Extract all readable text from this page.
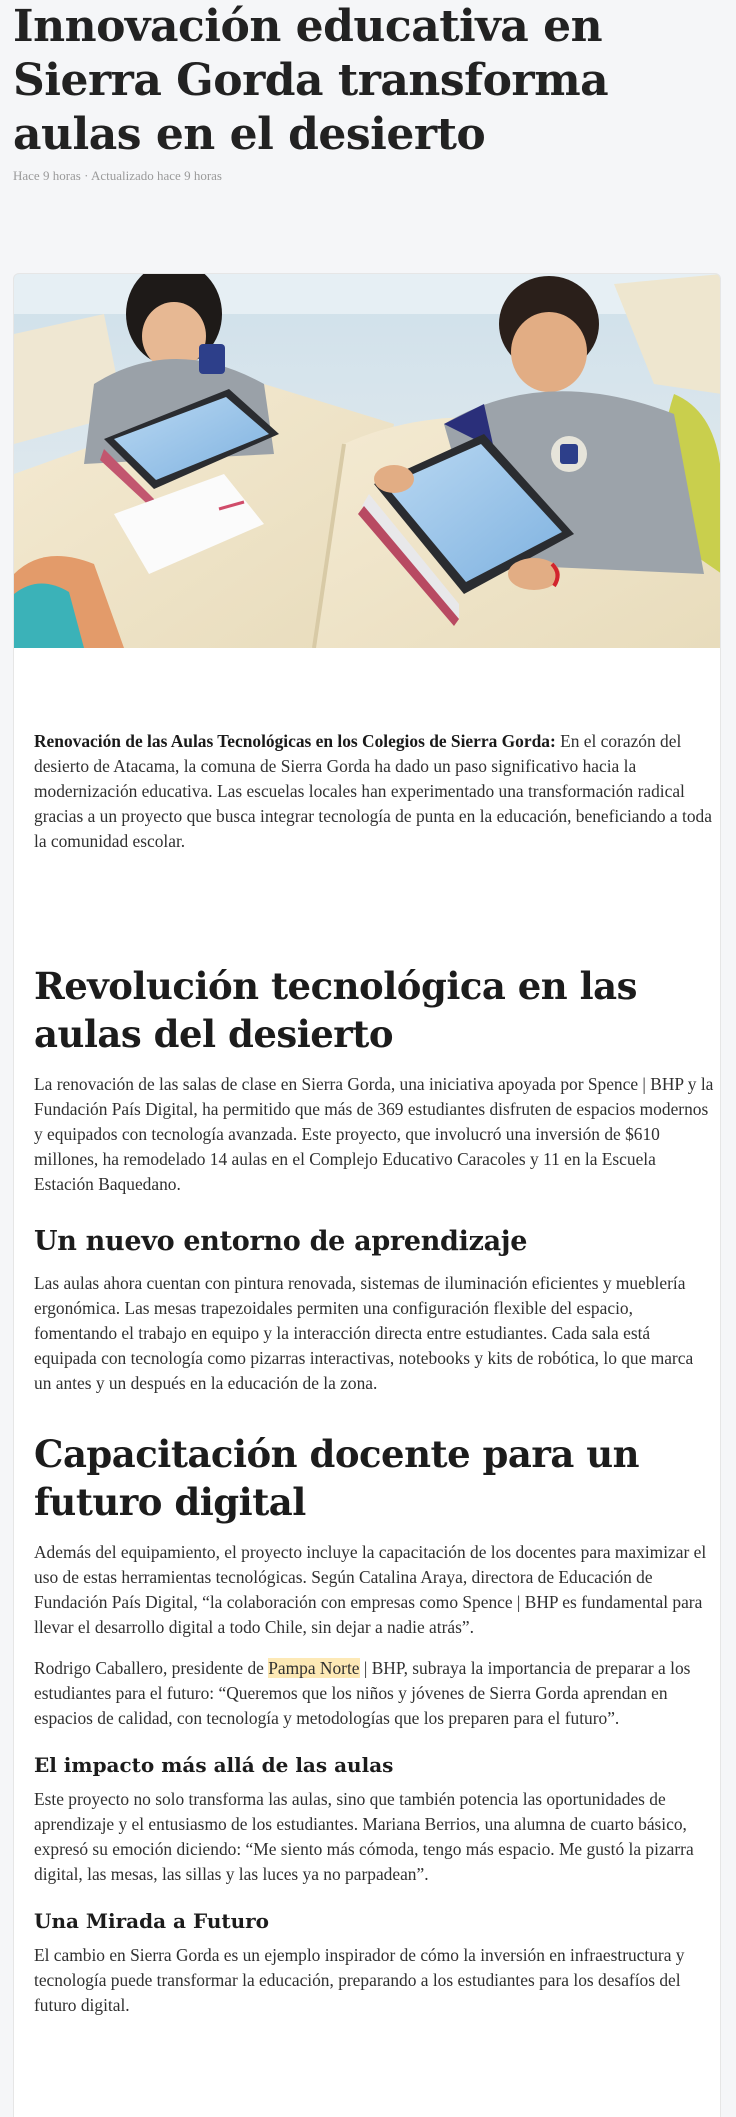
Innovación educativa en Sierra Gorda transforma aulas en el desierto
Hace 9 horas · Actualizado hace 9 horas

Renovación de las Aulas Tecnológicas en los Colegios de Sierra Gorda: En el corazón del desierto de Atacama, la comuna de Sierra Gorda ha dado un paso significativo hacia la modernización educativa. Las escuelas locales han experimentado una transformación radical gracias a un proyecto que busca integrar tecnología de punta en la educación, beneficiando a toda la comunidad escolar.

Revolución tecnológica en las aulas del desierto

La renovación de las salas de clase en Sierra Gorda, una iniciativa apoyada por Spence | BHP y la Fundación País Digital, ha permitido que más de 369 estudiantes disfruten de espacios modernos y equipados con tecnología avanzada. Este proyecto, que involucró una inversión de $610 millones, ha remodelado 14 aulas en el Complejo Educativo Caracoles y 11 en la Escuela Estación Baquedano.

Un nuevo entorno de aprendizaje

Las aulas ahora cuentan con pintura renovada, sistemas de iluminación eficientes y mueblería ergonómica. Las mesas trapezoidales permiten una configuración flexible del espacio, fomentando el trabajo en equipo y la interacción directa entre estudiantes. Cada sala está equipada con tecnología como pizarras interactivas, notebooks y kits de robótica, lo que marca un antes y un después en la educación de la zona.

Capacitación docente para un futuro digital

Además del equipamiento, el proyecto incluye la capacitación de los docentes para maximizar el uso de estas herramientas tecnológicas. Según Catalina Araya, directora de Educación de Fundación País Digital, “la colaboración con empresas como Spence | BHP es fundamental para llevar el desarrollo digital a todo Chile, sin dejar a nadie atrás”.

Rodrigo Caballero, presidente de Pampa Norte | BHP, subraya la importancia de preparar a los estudiantes para el futuro: “Queremos que los niños y jóvenes de Sierra Gorda aprendan en espacios de calidad, con tecnología y metodologías que los preparen para el futuro”.

El impacto más allá de las aulas

Este proyecto no solo transforma las aulas, sino que también potencia las oportunidades de aprendizaje y el entusiasmo de los estudiantes. Mariana Berrios, una alumna de cuarto básico, expresó su emoción diciendo: “Me siento más cómoda, tengo más espacio. Me gustó la pizarra digital, las mesas, las sillas y las luces ya no parpadean”.

Una Mirada a Futuro

El cambio en Sierra Gorda es un ejemplo inspirador de cómo la inversión en infraestructura y tecnología puede transformar la educación, preparando a los estudiantes para los desafíos del futuro digital.
